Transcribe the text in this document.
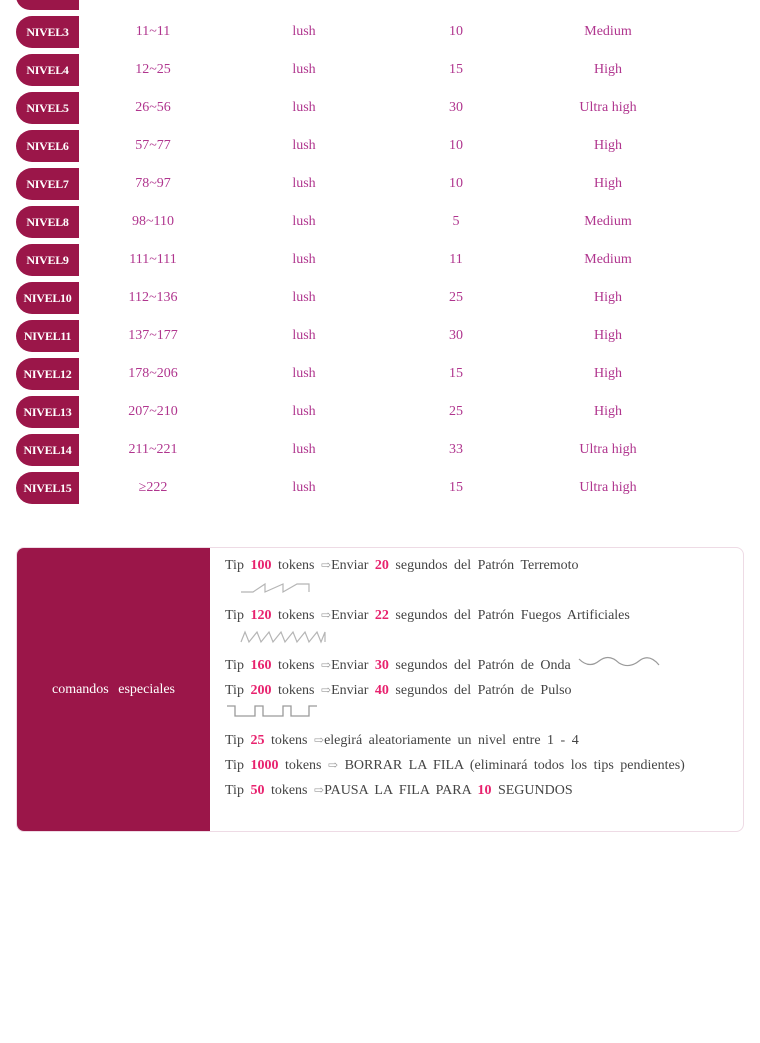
NIVEL3	11~11	lush	10	Medium
NIVEL4	12~25	lush	15	High
NIVEL5	26~56	lush	30	Ultra high
NIVEL6	57~77	lush	10	High
NIVEL7	78~97	lush	10	High
NIVEL8	98~110	lush	5	Medium
NIVEL9	111~111	lush	11	Medium
NIVEL10	112~136	lush	25	High
NIVEL11	137~177	lush	30	High
NIVEL12	178~206	lush	15	High
NIVEL13	207~210	lush	25	High
NIVEL14	211~221	lush	33	Ultra high
NIVEL15	≥222	lush	15	Ultra high
comandos especiales
Tip 100 tokens ⇨Enviar 20 segundos del Patrón Terremoto
Tip 120 tokens ⇨Enviar 22 segundos del Patrón Fuegos Artificiales
Tip 160 tokens ⇨Enviar 30 segundos del Patrón de Onda
Tip 200 tokens ⇨Enviar 40 segundos del Patrón de Pulso
Tip 25 tokens ⇨elegirá aleatoriamente un nivel entre 1 - 4
Tip 1000 tokens ⇨ BORRAR LA FILA (eliminará todos los tips pendientes)
Tip 50 tokens ⇨PAUSA LA FILA PARA 10 SEGUNDOS
